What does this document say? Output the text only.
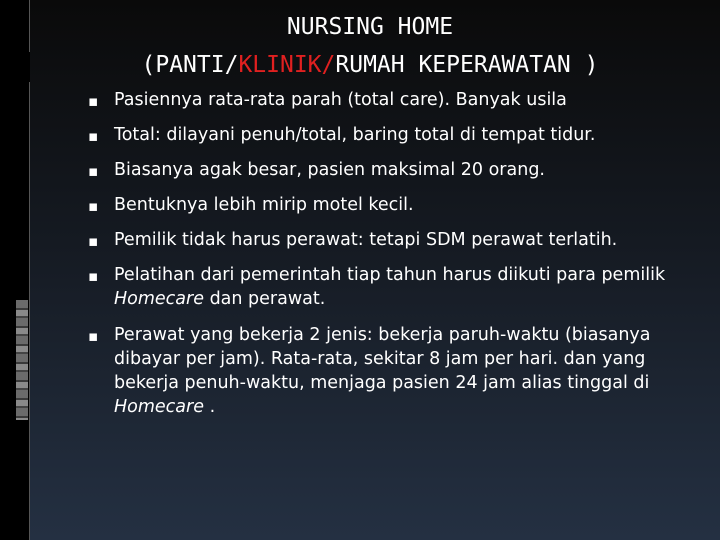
NURSING HOME
(PANTI/KLINIK/RUMAH KEPERAWATAN )
▪ Pasiennya rata-rata parah (total care). Banyak usila
▪ Total: dilayani penuh/total, baring total di tempat tidur.
▪ Biasanya agak besar, pasien maksimal 20 orang.
▪ Bentuknya lebih mirip motel kecil.
▪ Pemilik tidak harus perawat: tetapi SDM perawat terlatih.
▪ Pelatihan dari pemerintah tiap tahun harus diikuti para pemilik Homecare dan perawat.
▪ Perawat yang bekerja 2 jenis: bekerja paruh-waktu (biasanya dibayar per jam). Rata-rata, sekitar 8 jam per hari. dan yang bekerja penuh-waktu, menjaga pasien 24 jam alias tinggal di Homecare .
